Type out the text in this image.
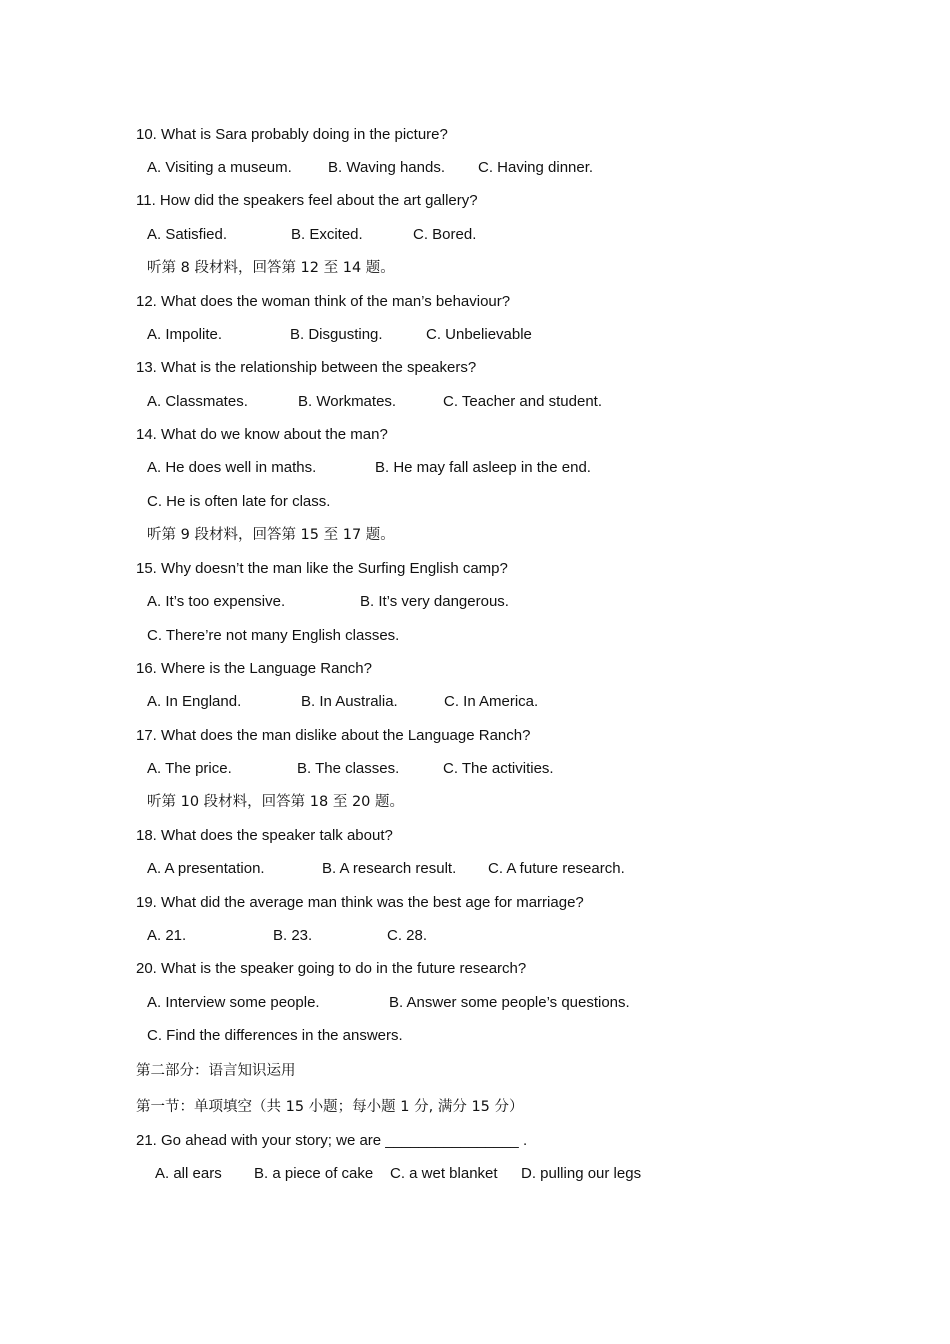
10. What is Sara probably doing in the picture?
A. Visiting a museum. B. Waving hands. C. Having dinner.
11. How did the speakers feel about the art gallery?
A. Satisfied.	B. Excited.	C. Bored.
听第 8 段材料，回答第 12 至 14 题。
12. What does the woman think of the man’s behaviour?
A. Impolite.	B. Disgusting.	C. Unbelievable
13. What is the relationship between the speakers?
A. Classmates.	B. Workmates.	C. Teacher and student.
14. What do we know about the man?
A. He does well in maths.	B. He may fall asleep in the end.
C. He is often late for class.
听第 9 段材料，回答第 15 至 17 题。
15. Why doesn’t the man like the Surfing English camp?
A. It’s too expensive.	B. It’s very dangerous.
C. There’re not many English classes.
16. Where is the Language Ranch?
A. In England.	B. In Australia.	C. In America.
17. What does the man dislike about the Language Ranch?
A. The price.	B. The classes.	C. The activities.
听第 10 段材料，回答第 18 至 20 题。
18. What does the speaker talk about?
A. A presentation.	B. A research result. C. A future research.
19. What did the average man think was the best age for marriage?
A. 21.	B. 23.	C. 28.
20. What is the speaker going to do in the future research?
A. Interview some people.	B. Answer some people’s questions.
C. Find the differences in the answers.
第二部分：语言知识运用
第一节：单项填空（共 15 小题；每小题 1 分, 满分 15 分）
21. Go ahead with your story; we are ________________ .
A. all ears B. a piece of cake C. a wet blanket D. pulling our legs
